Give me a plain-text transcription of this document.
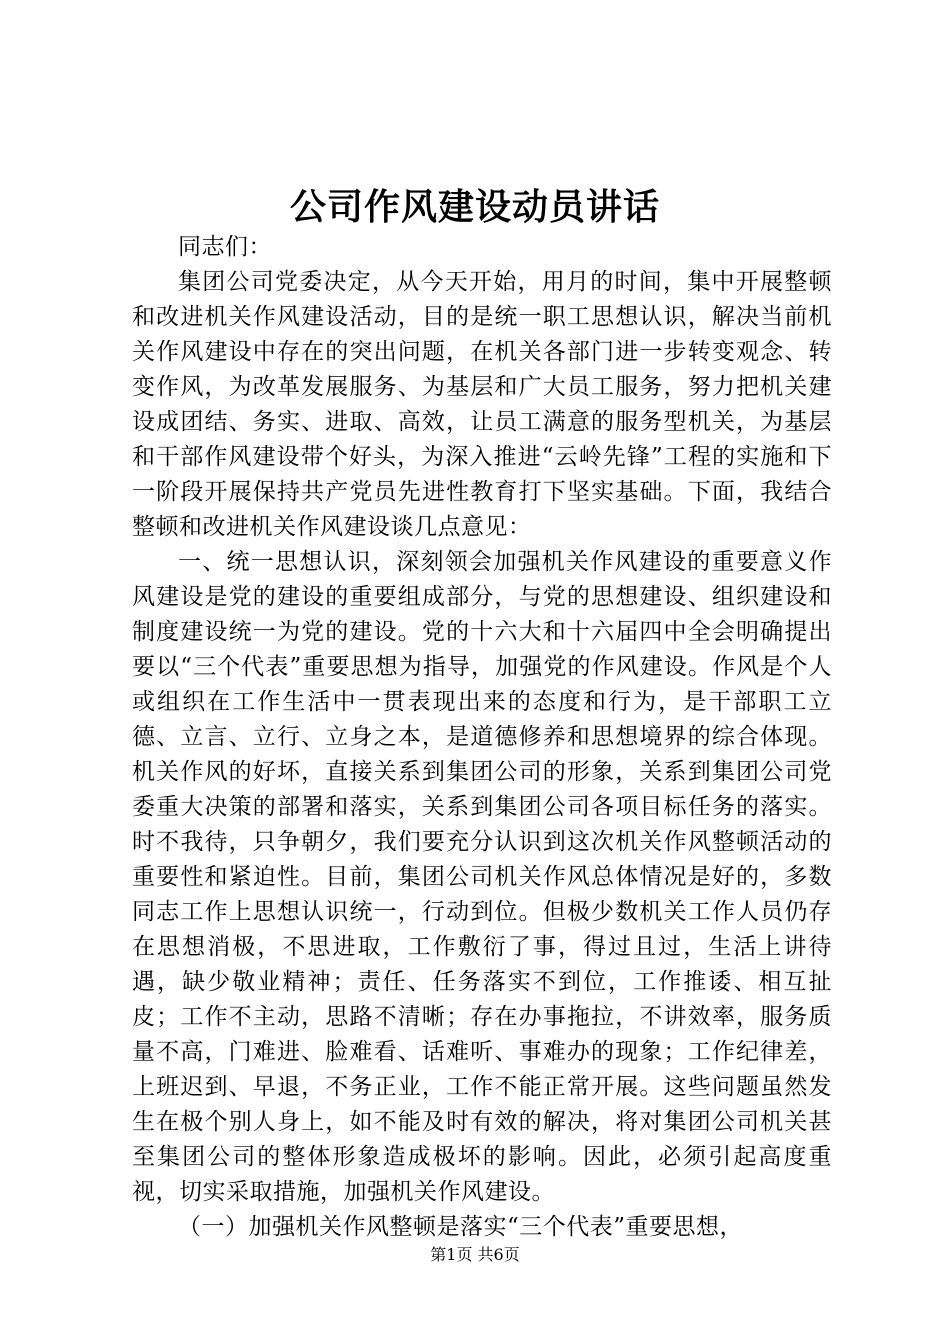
公司作风建设动员讲话

同志们：

集团公司党委决定，从今天开始，用月的时间，集中开展整顿和改进机关作风建设活动，目的是统一职工思想认识，解决当前机关作风建设中存在的突出问题，在机关各部门进一步转变观念、转变作风，为改革发展服务、为基层和广大员工服务，努力把机关建设成团结、务实、进取、高效，让员工满意的服务型机关，为基层和干部作风建设带个好头，为深入推进“云岭先锋”工程的实施和下一阶段开展保持共产党员先进性教育打下坚实基础。下面，我结合整顿和改进机关作风建设谈几点意见：

一、统一思想认识，深刻领会加强机关作风建设的重要意义作风建设是党的建设的重要组成部分，与党的思想建设、组织建设和制度建设统一为党的建设。党的十六大和十六届四中全会明确提出要以“三个代表”重要思想为指导，加强党的作风建设。作风是个人或组织在工作生活中一贯表现出来的态度和行为，是干部职工立德、立言、立行、立身之本，是道德修养和思想境界的综合体现。机关作风的好坏，直接关系到集团公司的形象，关系到集团公司党委重大决策的部署和落实，关系到集团公司各项目标任务的落实。时不我待，只争朝夕，我们要充分认识到这次机关作风整顿活动的重要性和紧迫性。目前，集团公司机关作风总体情况是好的，多数同志工作上思想认识统一，行动到位。但极少数机关工作人员仍存在思想消极，不思进取，工作敷衍了事，得过且过，生活上讲待遇，缺少敬业精神；责任、任务落实不到位，工作推诿、相互扯皮；工作不主动，思路不清晰；存在办事拖拉，不讲效率，服务质量不高，门难进、脸难看、话难听、事难办的现象；工作纪律差，上班迟到、早退，不务正业，工作不能正常开展。这些问题虽然发生在极个别人身上，如不能及时有效的解决，将对集团公司机关甚至集团公司的整体形象造成极坏的影响。因此，必须引起高度重视，切实采取措施，加强机关作风建设。

（一）加强机关作风整顿是落实“三个代表”重要思想，

第1页 共6页
